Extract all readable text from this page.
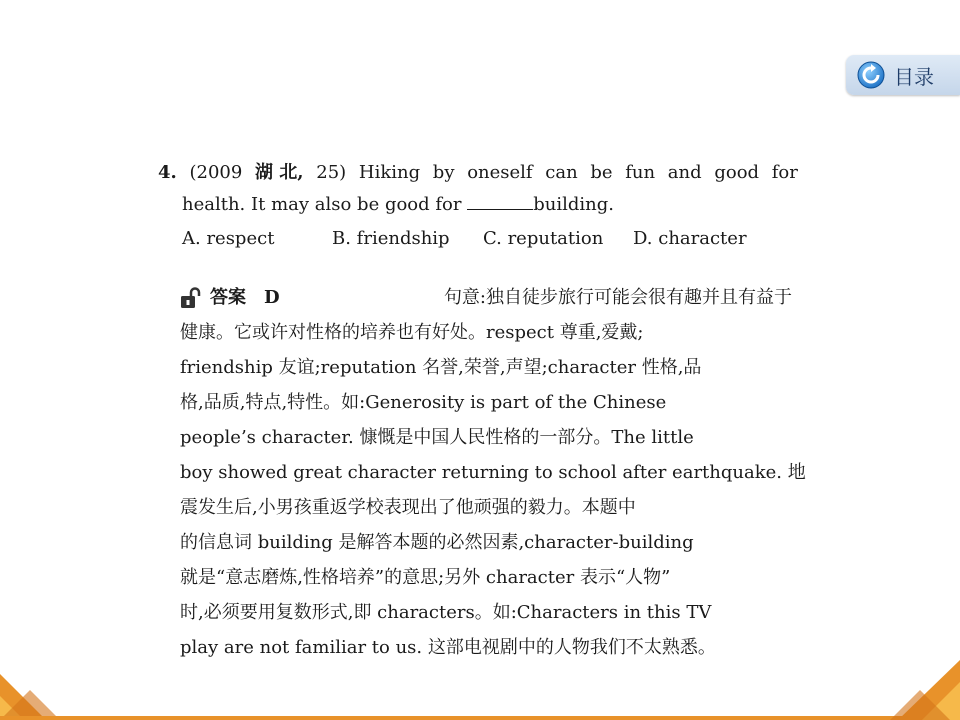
目录
4. (2009 湖 北, 25) Hiking by oneself can be fun and good for
health. It may also be good for	building.
A. respect	B. friendship	C. reputation	D. character
答案 D	句意:独自徒步旅行可能会很有趣并且有益于
健康。它或许对性格的培养也有好处。respect 尊重,爱戴;
friendship 友谊;reputation 名誉,荣誉,声望;character 性格,品
格,品质,特点,特性。如:Generosity is part of the Chinese
people’s character. 慷慨是中国人民性格的一部分。The little
boy showed great character returning to school after earthquake. 地
震发生后,小男孩重返学校表现出了他顽强的毅力。本题中
的信息词 building 是解答本题的必然因素,character-building
就是“意志磨炼,性格培养”的意思;另外 character 表示“人物”
时,必须要用复数形式,即 characters。如:Characters in this TV
play are not familiar to us. 这部电视剧中的人物我们不太熟悉。
